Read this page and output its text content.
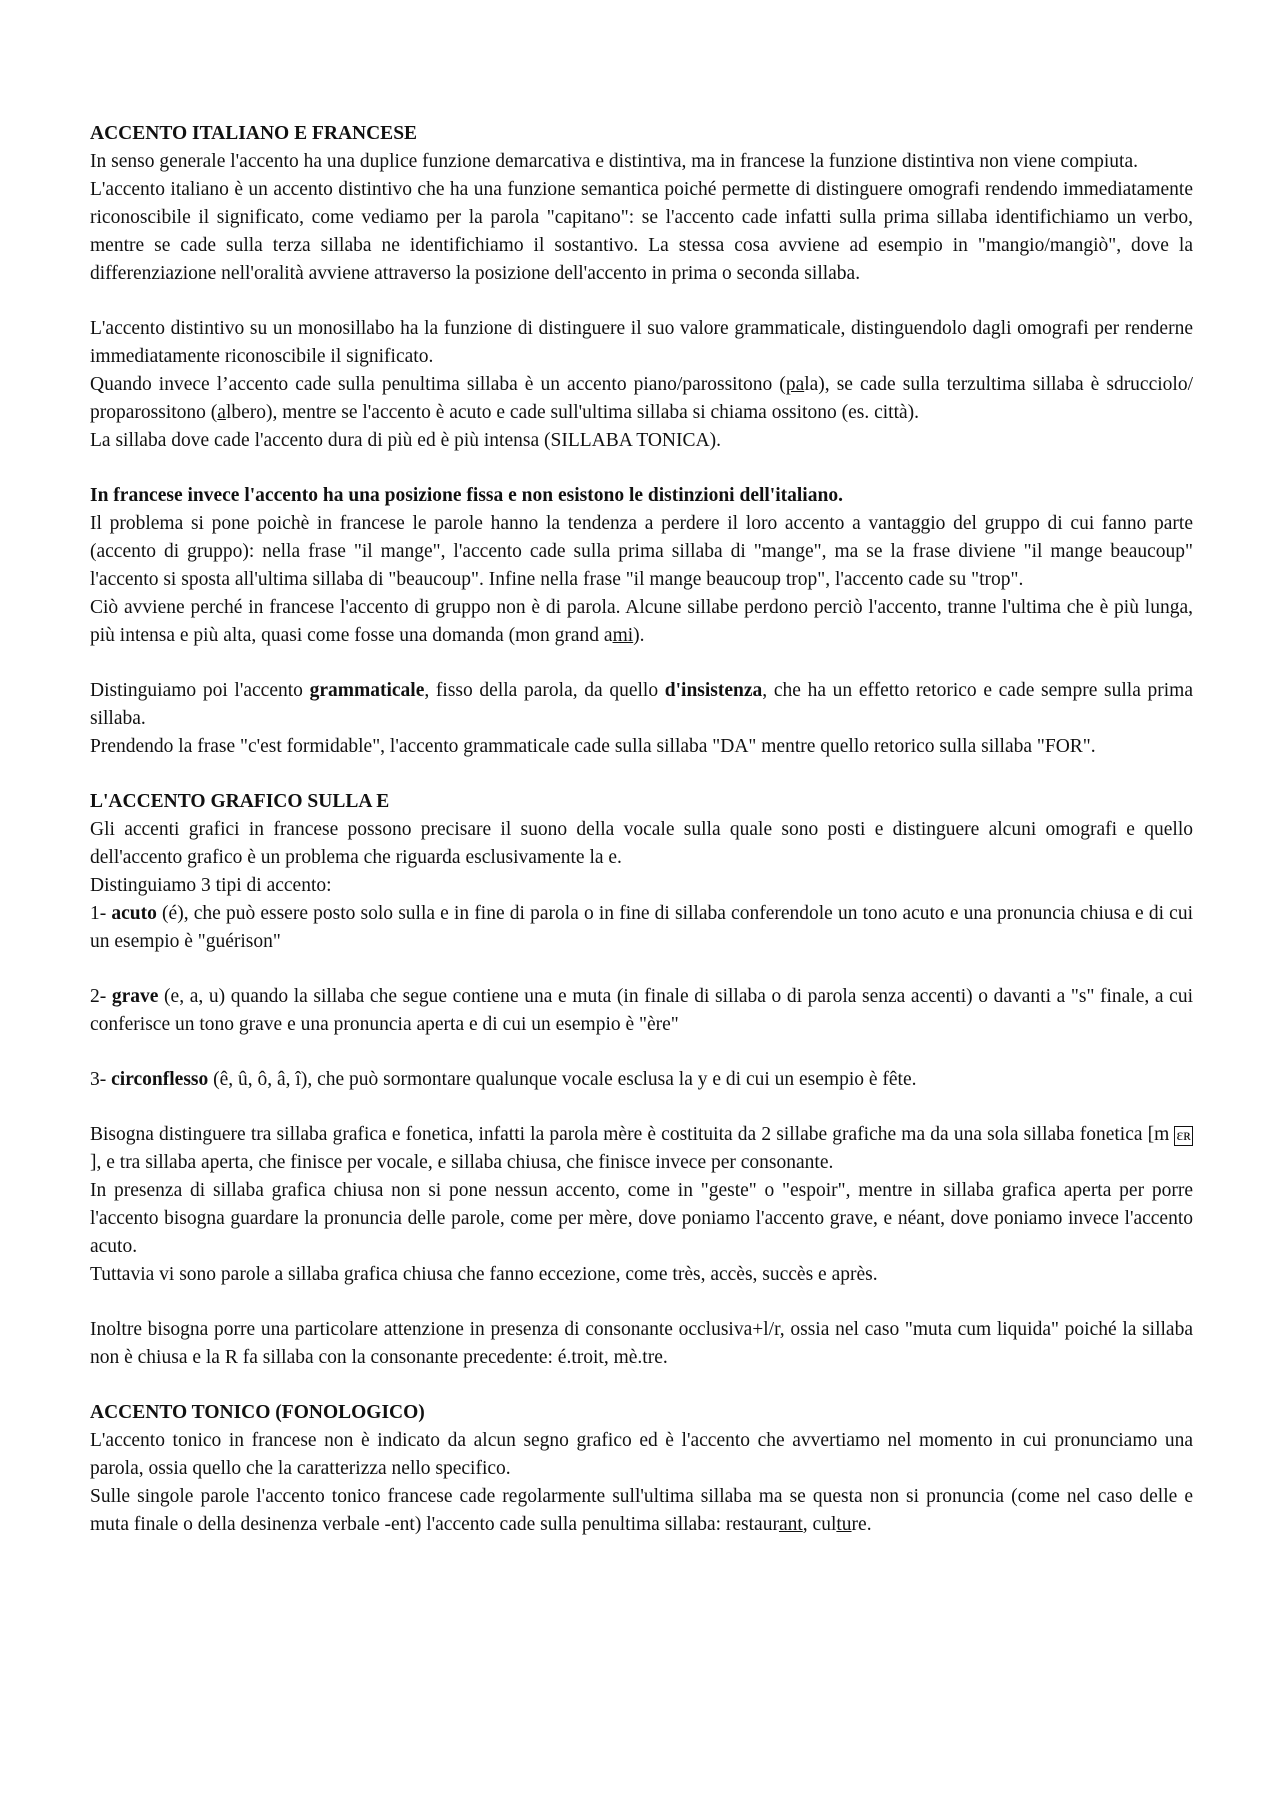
ACCENTO ITALIANO E FRANCESE

In senso generale l'accento ha una duplice funzione demarcativa e distintiva, ma in francese la funzione distintiva non viene compiuta.

L'accento italiano è un accento distintivo che ha una funzione semantica poiché permette di distinguere omografi rendendo immediatamente riconoscibile il significato, come vediamo per la parola "capitano": se l'accento cade infatti sulla prima sillaba identifichiamo un verbo, mentre se cade sulla terza sillaba ne identifichiamo il sostantivo. La stessa cosa avviene ad esempio in "mangio/mangiò", dove la differenziazione nell'oralità avviene attraverso la posizione dell'accento in prima o seconda sillaba.

L'accento distintivo su un monosillabo ha la funzione di distinguere il suo valore grammaticale, distinguendolo dagli omografi per renderne immediatamente riconoscibile il significato.

Quando invece l’accento cade sulla penultima sillaba è un accento piano/parossitono (pala), se cade sulla terzultima sillaba è sdrucciolo/ proparossitono (albero), mentre se l'accento è acuto e cade sull'ultima sillaba si chiama ossitono (es. città).

La sillaba dove cade l'accento dura di più ed è più intensa (SILLABA TONICA).

In francese invece l'accento ha una posizione fissa e non esistono le distinzioni dell'italiano.

Il problema si pone poichè in francese le parole hanno la tendenza a perdere il loro accento a vantaggio del gruppo di cui fanno parte (accento di gruppo): nella frase "il mange", l'accento cade sulla prima sillaba di "mange", ma se la frase diviene "il mange beaucoup" l'accento si sposta all'ultima sillaba di "beaucoup". Infine nella frase "il mange beaucoup trop", l'accento cade su "trop".

Ciò avviene perché in francese l'accento di gruppo non è di parola. Alcune sillabe perdono perciò l'accento, tranne l'ultima che è più lunga, più intensa e più alta, quasi come fosse una domanda (mon grand ami).

Distinguiamo poi l'accento grammaticale, fisso della parola, da quello d'insistenza, che ha un effetto retorico e cade sempre sulla prima sillaba.

Prendendo la frase "c'est formidable", l'accento grammaticale cade sulla sillaba "DA" mentre quello retorico sulla sillaba "FOR".

L'ACCENTO GRAFICO SULLA E

Gli accenti grafici in francese possono precisare il suono della vocale sulla quale sono posti e distinguere alcuni omografi e quello dell'accento grafico è un problema che riguarda esclusivamente la e.

Distinguiamo 3 tipi di accento:

1- acuto (é), che può essere posto solo sulla e in fine di parola o in fine di sillaba conferendole un tono acuto e una pronuncia chiusa e di cui un esempio è "guérison"

2- grave (e, a, u) quando la sillaba che segue contiene una e muta (in finale di sillaba o di parola senza accenti) o davanti a "s" finale, a cui conferisce un tono grave e una pronuncia aperta e di cui un esempio è "ère"

3- circonflesso (ê, û, ô, â, î), che può sormontare qualunque vocale esclusa la y e di cui un esempio è fête.

Bisogna distinguere tra sillaba grafica e fonetica, infatti la parola mère è costituita da 2 sillabe grafiche ma da una sola sillaba fonetica [m ɛʀ], e tra sillaba aperta, che finisce per vocale, e sillaba chiusa, che finisce invece per consonante.

In presenza di sillaba grafica chiusa non si pone nessun accento, come in "geste" o "espoir", mentre in sillaba grafica aperta per porre l'accento bisogna guardare la pronuncia delle parole, come per mère, dove poniamo l'accento grave, e néant, dove poniamo invece l'accento acuto.

Tuttavia vi sono parole a sillaba grafica chiusa che fanno eccezione, come très, accès, succès e après.

Inoltre bisogna porre una particolare attenzione in presenza di consonante occlusiva+l/r, ossia nel caso "muta cum liquida" poiché la sillaba non è chiusa e la R fa sillaba con la consonante precedente: é.troit, mè.tre.

ACCENTO TONICO (FONOLOGICO)

L'accento tonico in francese non è indicato da alcun segno grafico ed è l'accento che avvertiamo nel momento in cui pronunciamo una parola, ossia quello che la caratterizza nello specifico.

Sulle singole parole l'accento tonico francese cade regolarmente sull'ultima sillaba ma se questa non si pronuncia (come nel caso delle e muta finale o della desinenza verbale -ent) l'accento cade sulla penultima sillaba: restaurant, culture.
